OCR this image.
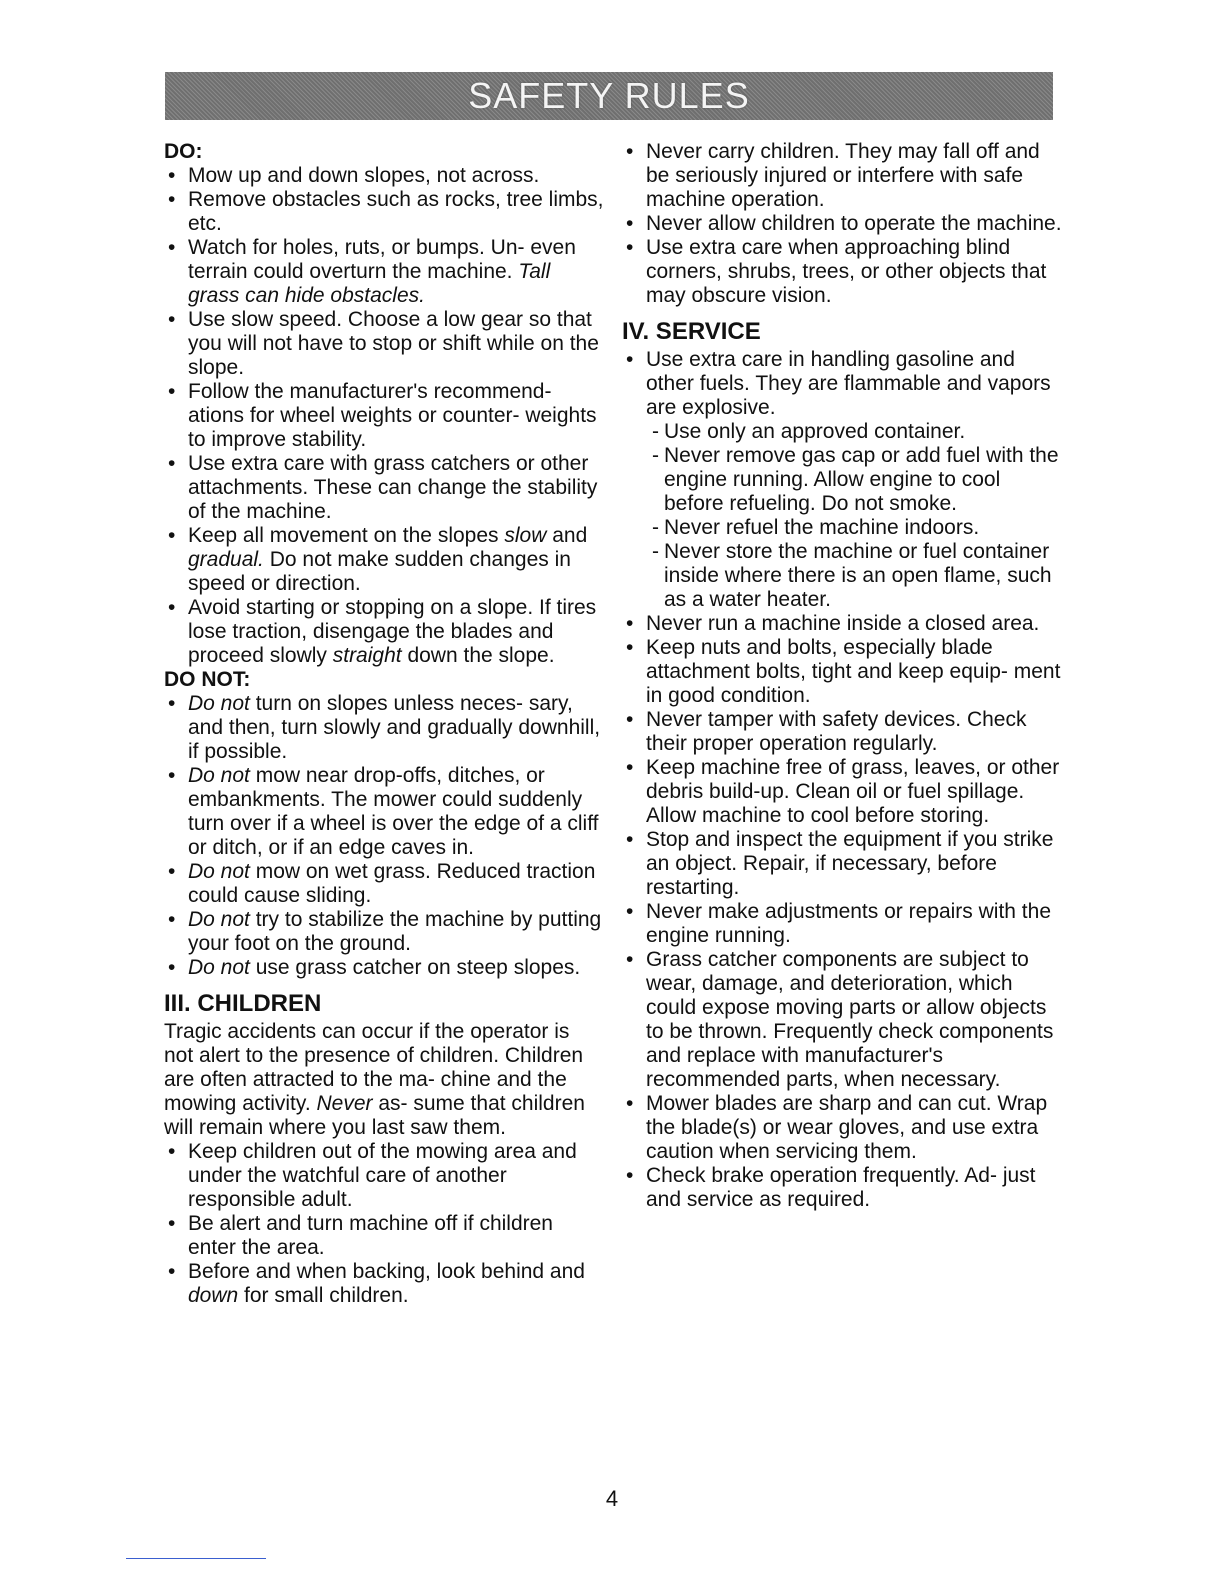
SAFETY RULES

DO:

• Mow up and down slopes, not across.
• Remove obstacles such as rocks, tree limbs, etc.
• Watch for holes, ruts, or bumps. Un- even terrain could overturn the machine. Tall grass can hide obstacles.
• Use slow speed. Choose a low gear so that you will not have to stop or shift while on the slope.
• Follow the manufacturer's recommend- ations for wheel weights or counter- weights to improve stability.
• Use extra care with grass catchers or other attachments. These can change the stability of the machine.
• Keep all movement on the slopes slow and gradual. Do not make sudden changes in speed or direction.
• Avoid starting or stopping on a slope. If tires lose traction, disengage the blades and proceed slowly straight down the slope.

DO NOT:

• Do not turn on slopes unless neces- sary, and then, turn slowly and gradually downhill, if possible.
• Do not mow near drop-offs, ditches, or embankments. The mower could suddenly turn over if a wheel is over the edge of a cliff or ditch, or if an edge caves in.
• Do not mow on wet grass. Reduced traction could cause sliding.
• Do not try to stabilize the machine by putting your foot on the ground.
• Do not use grass catcher on steep slopes.

III. CHILDREN

Tragic accidents can occur if the operator is not alert to the presence of children. Children are often attracted to the ma- chine and the mowing activity. Never as- sume that children will remain where you last saw them.

• Keep children out of the mowing area and under the watchful care of another responsible adult.
• Be alert and turn machine off if children enter the area.
• Before and when backing, look behind and down for small children.
• Never carry children. They may fall off and be seriously injured or interfere with safe machine operation.
• Never allow children to operate the machine.
• Use extra care when approaching blind corners, shrubs, trees, or other objects that may obscure vision.

IV. SERVICE

• Use extra care in handling gasoline and other fuels. They are flammable and vapors are explosive.
- Use only an approved container.
- Never remove gas cap or add fuel with the engine running. Allow engine to cool before refueling. Do not smoke.
- Never refuel the machine indoors.
- Never store the machine or fuel container inside where there is an open flame, such as a water heater.
• Never run a machine inside a closed area.
• Keep nuts and bolts, especially blade attachment bolts, tight and keep equip- ment in good condition.
• Never tamper with safety devices. Check their proper operation regularly.
• Keep machine free of grass, leaves, or other debris build-up. Clean oil or fuel spillage. Allow machine to cool before storing.
• Stop and inspect the equipment if you strike an object. Repair, if necessary, before restarting.
• Never make adjustments or repairs with the engine running.
• Grass catcher components are subject to wear, damage, and deterioration, which could expose moving parts or allow objects to be thrown. Frequently check components and replace with manufacturer's recommended parts, when necessary.
• Mower blades are sharp and can cut. Wrap the blade(s) or wear gloves, and use extra caution when servicing them.
• Check brake operation frequently. Ad- just and service as required.
4
